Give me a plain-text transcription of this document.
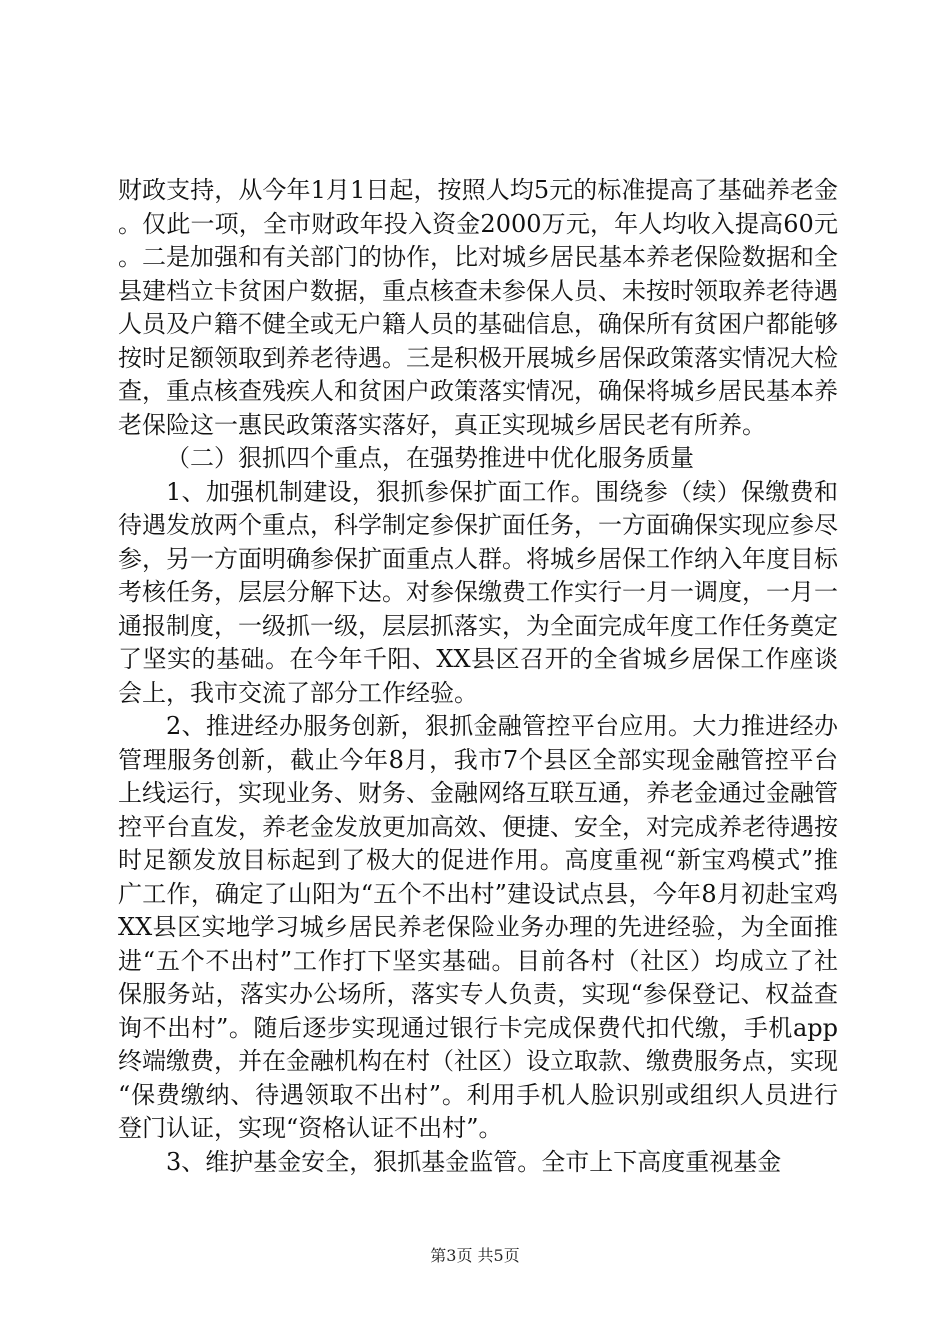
财政支持，从今年1月1日起，按照人均5元的标准提高了基础养老金。仅此一项，全市财政年投入资金2000万元，年人均收入提高60元。二是加强和有关部门的协作，比对城乡居民基本养老保险数据和全县建档立卡贫困户数据，重点核查未参保人员、未按时领取养老待遇人员及户籍不健全或无户籍人员的基础信息，确保所有贫困户都能够按时足额领取到养老待遇。三是积极开展城乡居保政策落实情况大检查，重点核查残疾人和贫困户政策落实情况，确保将城乡居民基本养老保险这一惠民政策落实落好，真正实现城乡居民老有所养。

（二）狠抓四个重点，在强势推进中优化服务质量

1、加强机制建设，狠抓参保扩面工作。围绕参（续）保缴费和待遇发放两个重点，科学制定参保扩面任务，一方面确保实现应参尽参，另一方面明确参保扩面重点人群。将城乡居保工作纳入年度目标考核任务，层层分解下达。对参保缴费工作实行一月一调度，一月一通报制度，一级抓一级，层层抓落实，为全面完成年度工作任务奠定了坚实的基础。在今年千阳、XX县区召开的全省城乡居保工作座谈会上，我市交流了部分工作经验。

2、推进经办服务创新，狠抓金融管控平台应用。大力推进经办管理服务创新，截止今年8月，我市7个县区全部实现金融管控平台上线运行，实现业务、财务、金融网络互联互通，养老金通过金融管控平台直发，养老金发放更加高效、便捷、安全，对完成养老待遇按时足额发放目标起到了极大的促进作用。高度重视“新宝鸡模式”推广工作，确定了山阳为“五个不出村”建设试点县，今年8月初赴宝鸡XX县区实地学习城乡居民养老保险业务办理的先进经验，为全面推进“五个不出村”工作打下坚实基础。目前各村（社区）均成立了社保服务站，落实办公场所，落实专人负责，实现“参保登记、权益查询不出村”。随后逐步实现通过银行卡完成保费代扣代缴，手机app终端缴费，并在金融机构在村（社区）设立取款、缴费服务点，实现“保费缴纳、待遇领取不出村”。利用手机人脸识别或组织人员进行登门认证，实现“资格认证不出村”。

3、维护基金安全，狠抓基金监管。全市上下高度重视基金

第3页 共5页
